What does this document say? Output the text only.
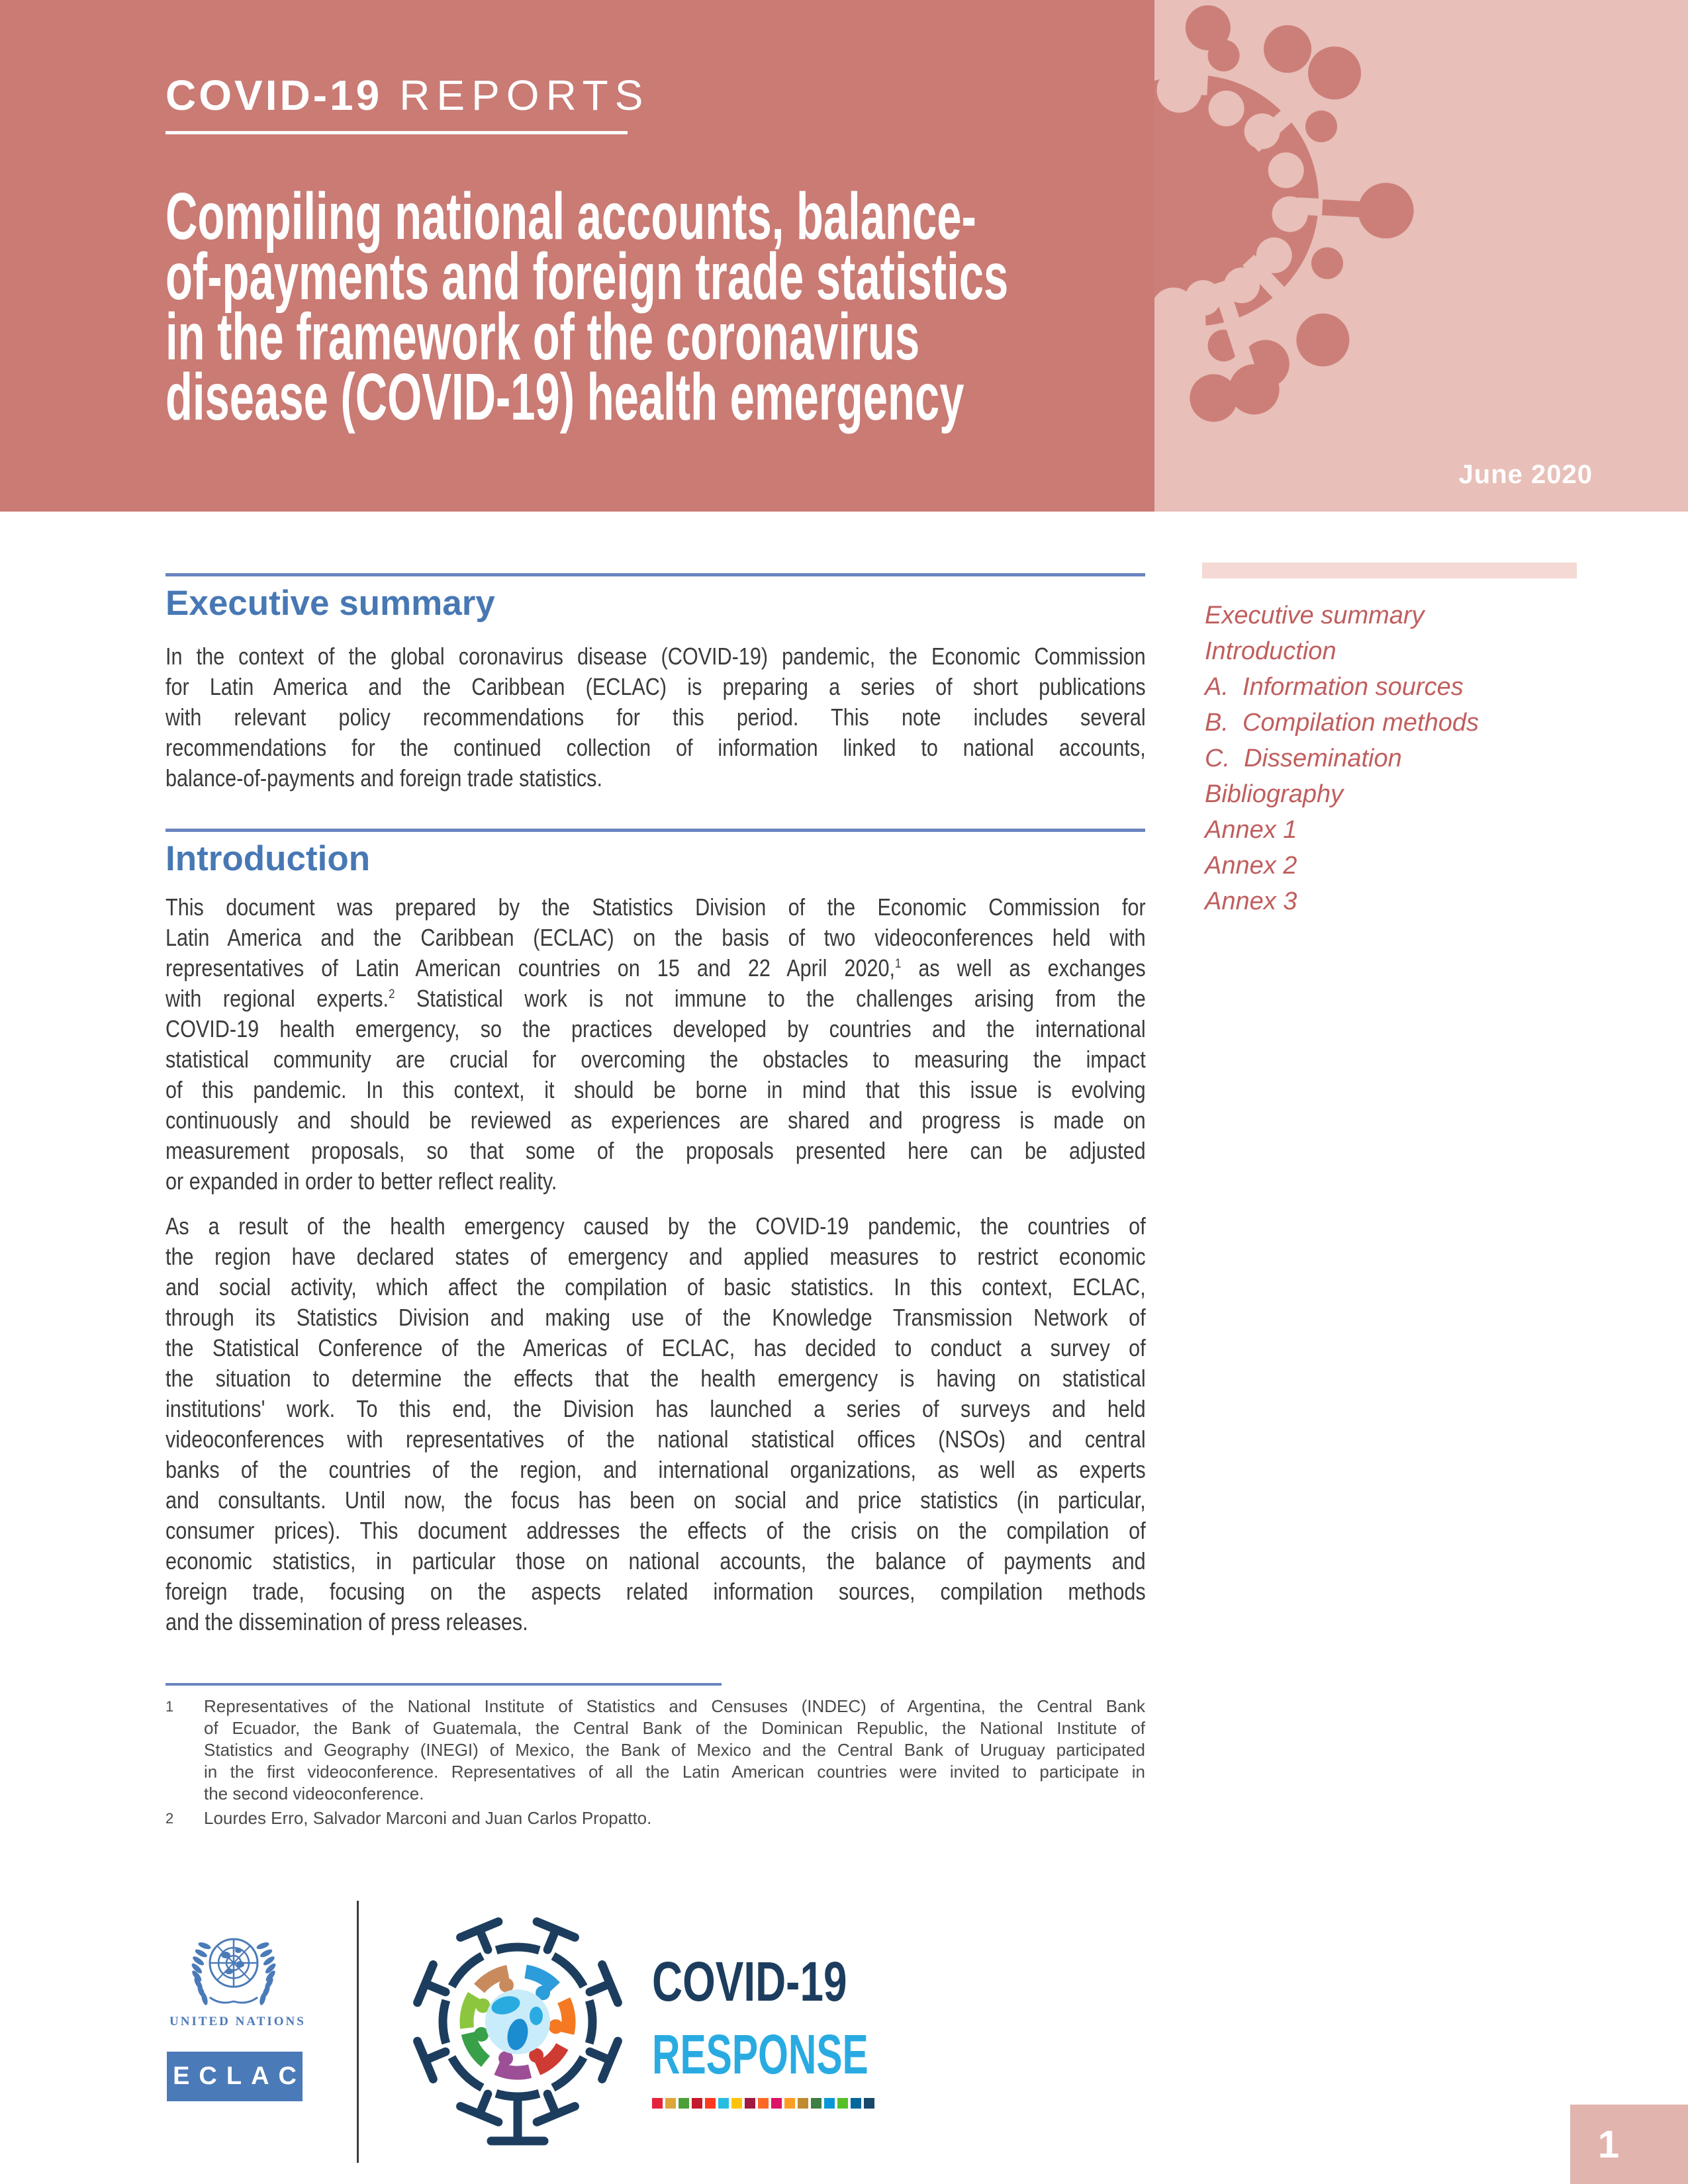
June 2020
COVID-19 REPORTS
Compiling national accounts, balance-
of-payments and foreign trade statistics
in the framework of the coronavirus
disease (COVID-19) health emergency
Executive summary
Introduction
A.  Information sources
B.  Compilation methods
C.  Dissemination
Bibliography
Annex 1
Annex 2
Annex 3
Executive summary
In the context of the global coronavirus disease (COVID-19) pandemic, the Economic Commission
for Latin America and the Caribbean (ECLAC) is preparing a series of short publications
with relevant policy recommendations for this period. This note includes several
recommendations for the continued collection of information linked to national accounts,
balance-of-payments and foreign trade statistics.
Introduction
This document was prepared by the Statistics Division of the Economic Commission for
Latin America and the Caribbean (ECLAC) on the basis of two videoconferences held with
representatives of Latin American countries on 15 and 22 April 2020,$^1$ as well as exchanges
with regional experts.$^2$ Statistical work is not immune to the challenges arising from the
COVID-19 health emergency, so the practices developed by countries and the international
statistical community are crucial for overcoming the obstacles to measuring the impact
of this pandemic. In this context, it should be borne in mind that this issue is evolving
continuously and should be reviewed as experiences are shared and progress is made on
measurement proposals, so that some of the proposals presented here can be adjusted
or expanded in order to better reflect reality.
As a result of the health emergency caused by the COVID-19 pandemic, the countries of
the region have declared states of emergency and applied measures to restrict economic
and social activity, which affect the compilation of basic statistics. In this context, ECLAC,
through its Statistics Division and making use of the Knowledge Transmission Network of
the Statistical Conference of the Americas of ECLAC, has decided to conduct a survey of
the situation to determine the effects that the health emergency is having on statistical
institutions' work. To this end, the Division has launched a series of surveys and held
videoconferences with representatives of the national statistical offices (NSOs) and central
banks of the countries of the region, and international organizations, as well as experts
and consultants. Until now, the focus has been on social and price statistics (in particular,
consumer prices). This document addresses the effects of the crisis on the compilation of
economic statistics, in particular those on national accounts, the balance of payments and
foreign trade, focusing on the aspects related information sources, compilation methods
and the dissemination of press releases.
1 Representatives of the National Institute of Statistics and Censuses (INDEC) of Argentina, the Central Bank
of Ecuador, the Bank of Guatemala, the Central Bank of the Dominican Republic, the National Institute of
Statistics and Geography (INEGI) of Mexico, the Bank of Mexico and the Central Bank of Uruguay participated
in the first videoconference. Representatives of all the Latin American countries were invited to participate in
the second videoconference.
2 Lourdes Erro, Salvador Marconi and Juan Carlos Propatto.
UNITED NATIONS
ECLAC
COVID-19
RESPONSE
1
